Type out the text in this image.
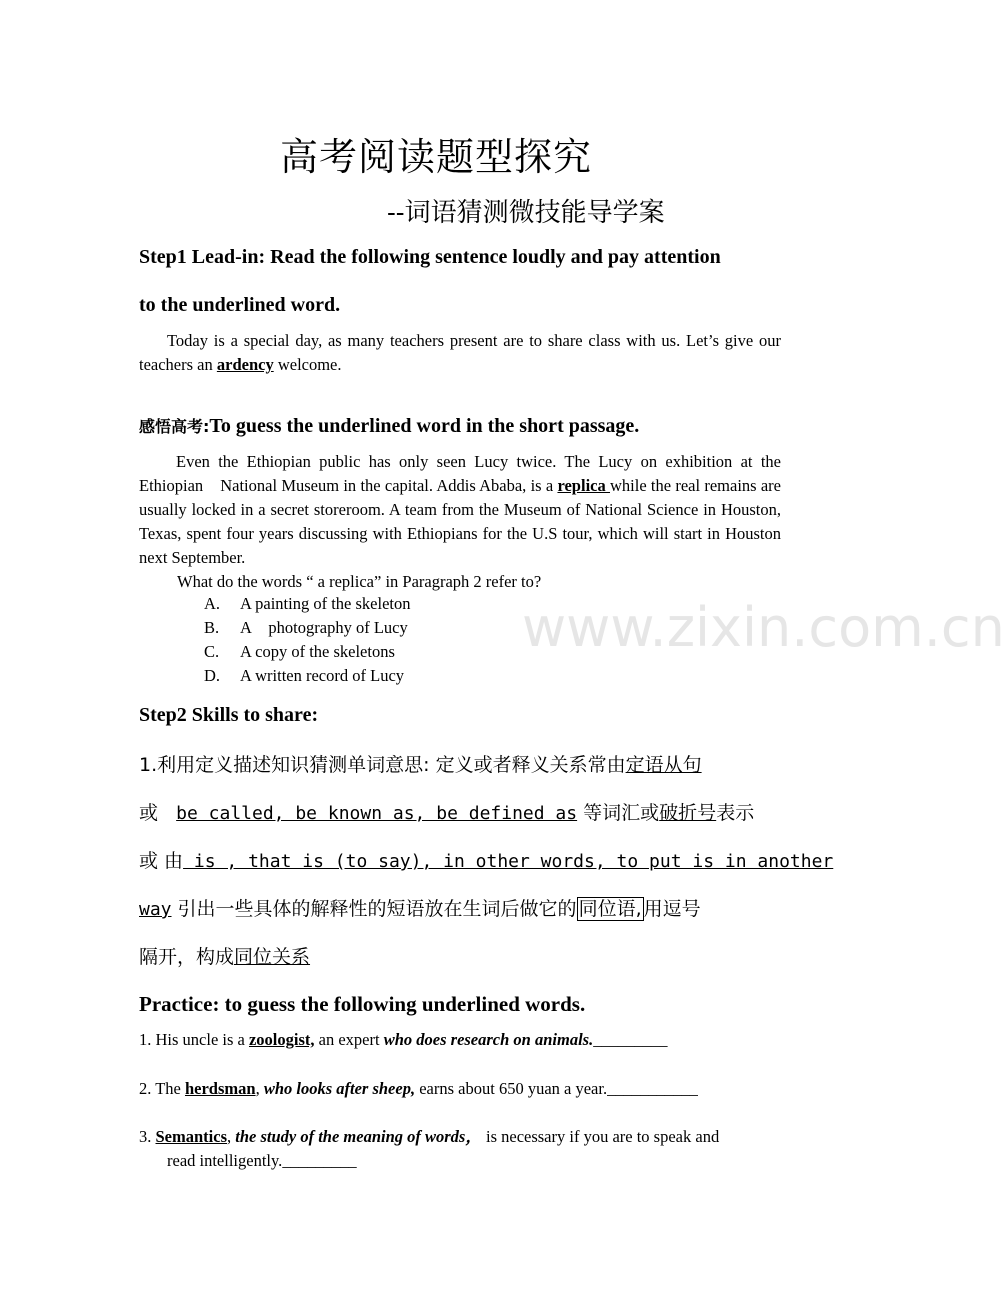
www.zixin.com.cn
高考阅读题型探究
--词语猜测微技能导学案
Step1 Lead-in: Read the following sentence loudly and pay attention
to the underlined word.
Today is a special day, as many teachers present are to share class with us. Let’s give our teachers an ardency welcome.
感悟高考:To guess the underlined word in the short passage.
Even the Ethiopian public has only seen Lucy twice. The Lucy on exhibition at the Ethiopian    National Museum in the capital. Addis Ababa, is a replica while the real remains are usually locked in a secret storeroom. A team from the Museum of National Science in Houston, Texas, spent four years discussing with Ethiopians for the U.S tour, which will start in Houston next September.
What do the words “ a replica” in Paragraph 2 refer to?
A. A painting of the skeleton
B. A    photography of Lucy
C. A copy of the skeletons
D. A written record of Lucy
Step2 Skills to share:
1.利用定义描述知识猜测单词意思: 定义或者释义关系常由定语从句
或 be called, be known as, be defined as 等词汇或破折号表示
或 由 is , that is (to say), in other words, to put is in another
way 引出一些具体的解释性的短语放在生词后做它的 同位语, 用逗号
隔开，构成同位关系
Practice: to guess the following underlined words.
1. His uncle is a zoologist, an expert who does research on animals._________
2. The herdsman, who looks after sheep, earns about 650 yuan a year.___________
3. Semantics, the study of the meaning of words， is necessary if you are to speak and
read intelligently._________
